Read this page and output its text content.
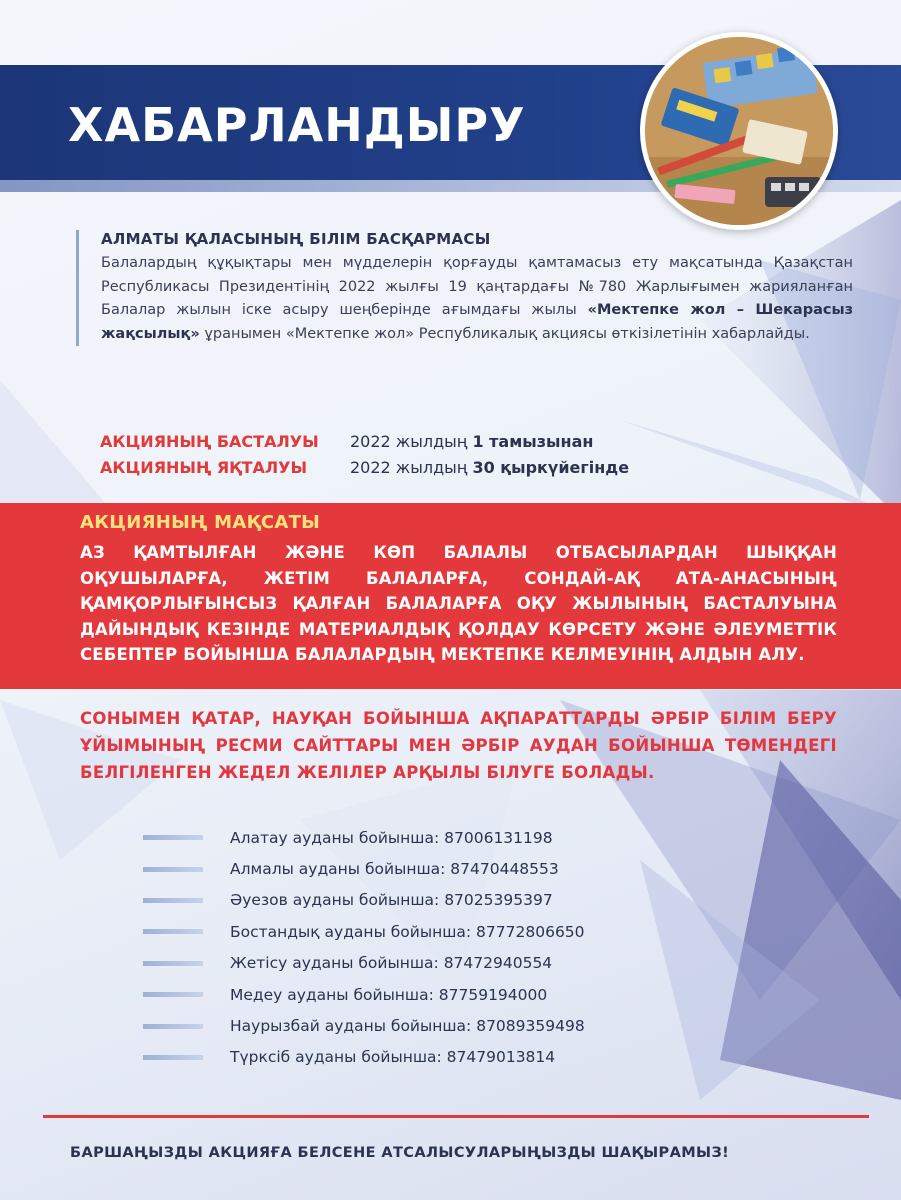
ХАБАРЛАНДЫРУ
АЛМАТЫ ҚАЛАСЫНЫҢ БІЛІМ БАСҚАРМАСЫ

Балалардың құқықтары мен мүдделерін қорғауды қамтамасыз ету мақсатында Қазақстан Республикасы Президентінің 2022 жылғы 19 қаңтардағы №780 Жарлығымен жарияланған Балалар жылын іске асыру шеңберінде ағымдағы жылы «Мектепке жол – Шекарасыз жақсылық» ұранымен «Мектепке жол» Республикалық акциясы өткізілетінін хабарлайды.

АКЦИЯНЫҢ БАСТАЛУЫ	2022 жылдың 1 тамызынан
АКЦИЯНЫҢ ЯҚТАЛУЫ	2022 жылдың 30 қыркүйегінде
АКЦИЯНЫҢ МАҚСАТЫ

АЗ ҚАМТЫЛҒАН ЖӘНЕ КӨП БАЛАЛЫ ОТБАСЫЛАРДАН ШЫҚҚАН ОҚУШЫЛАРҒА, ЖЕТІМ БАЛАЛАРҒА, СОНДАЙ-АҚ АТА-АНАСЫНЫҢ ҚАМҚОРЛЫҒЫНСЫЗ ҚАЛҒАН БАЛАЛАРҒА ОҚУ ЖЫЛЫНЫҢ БАСТАЛУЫНА ДАЙЫНДЫҚ КЕЗІНДЕ МАТЕРИАЛДЫҚ ҚОЛДАУ КӨРСЕТУ ЖӘНЕ ӘЛЕУМЕТТІК СЕБЕПТЕР БОЙЫНША БАЛАЛАРДЫҢ МЕКТЕПКЕ КЕЛМЕУІНІҢ АЛДЫН АЛУ.

СОНЫМЕН ҚАТАР, НАУҚАН БОЙЫНША АҚПАРАТТАРДЫ ӘРБІР БІЛІМ БЕРУ ҰЙЫМЫНЫҢ РЕСМИ САЙТТАРЫ МЕН ӘРБІР АУДАН БОЙЫНША ТӨМЕНДЕГІ БЕЛГІЛЕНГЕН ЖЕДЕЛ ЖЕЛІЛЕР АРҚЫЛЫ БІЛУГЕ БОЛАДЫ.

Алатау ауданы бойынша: 87006131198
Алмалы ауданы бойынша: 87470448553
Әуезов ауданы бойынша: 87025395397
Бостандық ауданы бойынша: 87772806650
Жетісу ауданы бойынша: 87472940554
Медеу ауданы бойынша: 87759194000
Наурызбай ауданы бойынша: 87089359498
Түрксіб ауданы бойынша: 87479013814

БАРШАҢЫЗДЫ АКЦИЯҒА БЕЛСЕНЕ АТСАЛЫСУЛАРЫҢЫЗДЫ ШАҚЫРАМЫЗ!
